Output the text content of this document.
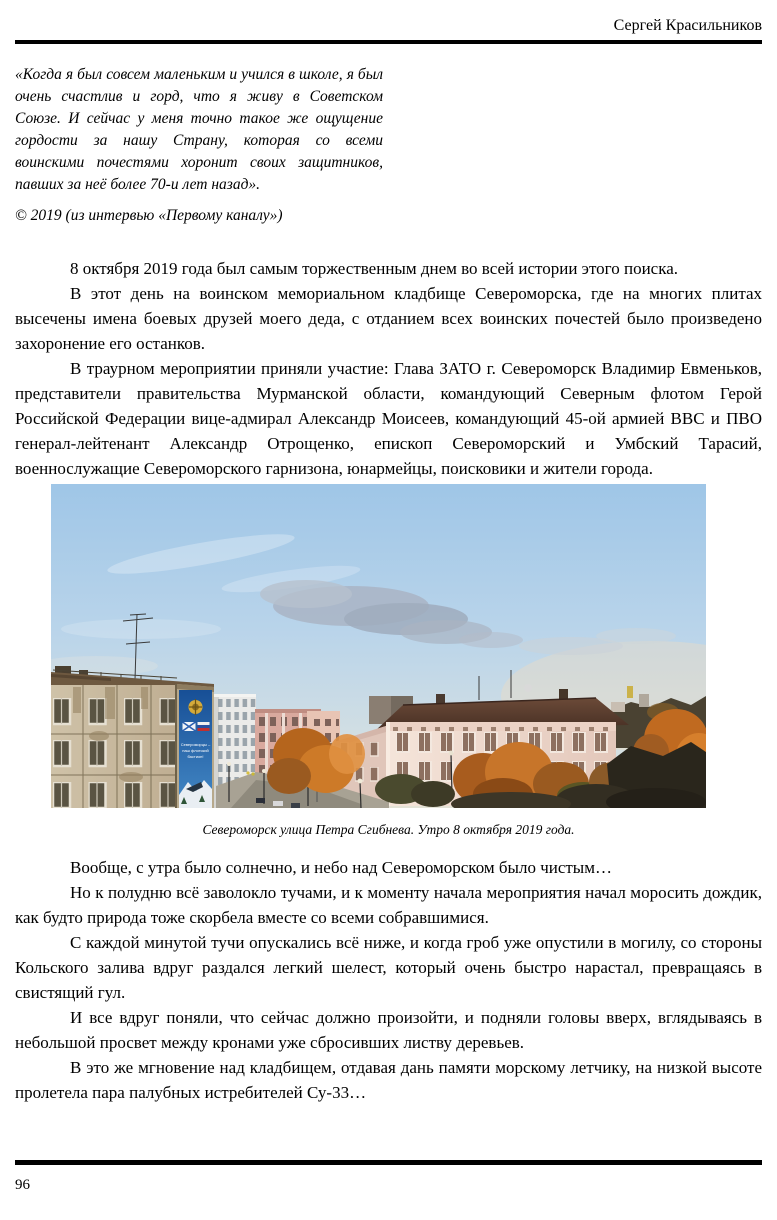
Сергей Красильников
«Когда я был совсем маленьким и учился в школе, я был очень счастлив и горд, что я живу в Советском Союзе. И сейчас у меня точно такое же ощущение гордости за нашу Страну, которая со всеми воинскими почестями хоронит своих защитников, павших за неё более 70-и лет назад».
© 2019 (из интервью «Первому каналу»)

8 октября 2019 года был самым торжественным днем во всей истории этого поиска.

В этот день на воинском мемориальном кладбище Североморска, где на многих плитах высечены имена боевых друзей моего деда, с отданием всех воинских почестей было произведено захоронение его останков.

В траурном мероприятии приняли участие: Глава ЗАТО г. Североморск Владимир Евменьков, представители правительства Мурманской области, командующий Северным флотом Герой Российской Федерации вице-адмирал Александр Моисеев, командующий 45-ой армией ВВС и ПВО генерал-лейтенант Александр Отрощенко, епископ Североморский и Умбский Тарасий, военнослужащие Североморского гарнизона, юнармейцы, поисковики и жители города.

Североморцы –
наш флотский
бастион!
Североморск улица Петра Сгибнева. Утро 8 октября 2019 года.

Вообще, с утра было солнечно, и небо над Североморском было чистым…

Но к полудню всё заволокло тучами, и к моменту начала мероприятия начал моросить дождик, как будто природа тоже скорбела вместе со всеми собравшимися.

С каждой минутой тучи опускались всё ниже, и когда гроб уже опустили в могилу, со стороны Кольского залива вдруг раздался легкий шелест, который очень быстро нарастал, превращаясь в свистящий гул.

И все вдруг поняли, что сейчас должно произойти, и подняли головы вверх, вглядываясь в небольшой просвет между кронами уже сбросивших листву деревьев.

В это же мгновение над кладбищем, отдавая дань памяти морскому летчику, на низкой высоте пролетела пара палубных истребителей Су-33…

96
